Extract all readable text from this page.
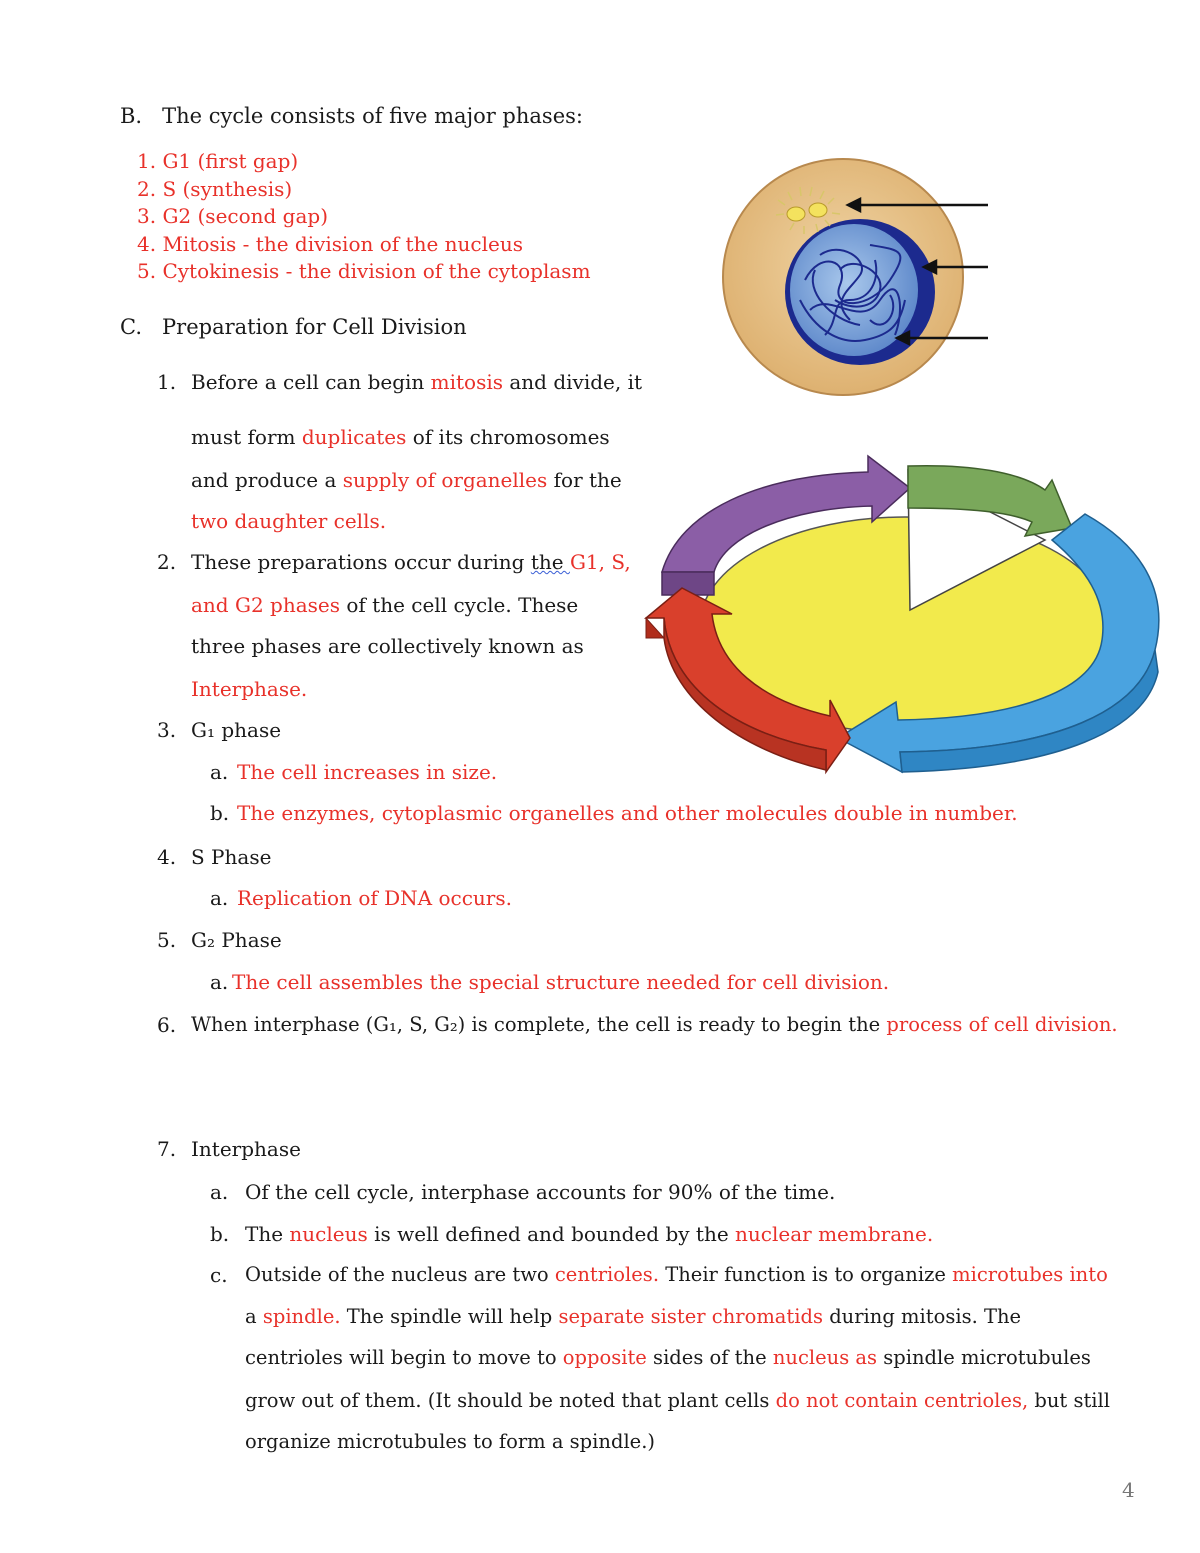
B. The cycle consists of five major phases:
1. G1 (first gap)
2. S (synthesis)
3. G2 (second gap)
4. Mitosis - the division of the nucleus
5. Cytokinesis - the division of the cytoplasm
C. Preparation for Cell Division
1. Before a cell can begin mitosis and divide, it
must form duplicates of its chromosomes
and produce a supply of organelles for the
two daughter cells.
2. These preparations occur during the G1, S,
and G2 phases of the cell cycle. These
three phases are collectively known as
Interphase.
3. G₁ phase
a. The cell increases in size.
b. The enzymes, cytoplasmic organelles and other molecules double in number.
4. S Phase
a. Replication of DNA occurs.
5. G₂ Phase
a. The cell assembles the special structure needed for cell division.
6. When interphase (G₁, S, G₂) is complete, the cell is ready to begin the process of cell division.
7. Interphase
a. Of the cell cycle, interphase accounts for 90% of the time.
b. The nucleus is well defined and bounded by the nuclear membrane.
c. Outside of the nucleus are two centrioles. Their function is to organize microtubes into
a spindle. The spindle will help separate sister chromatids during mitosis. The
centrioles will begin to move to opposite sides of the nucleus as spindle microtubules
grow out of them. (It should be noted that plant cells do not contain centrioles, but still
organize microtubules to form a spindle.)
4
